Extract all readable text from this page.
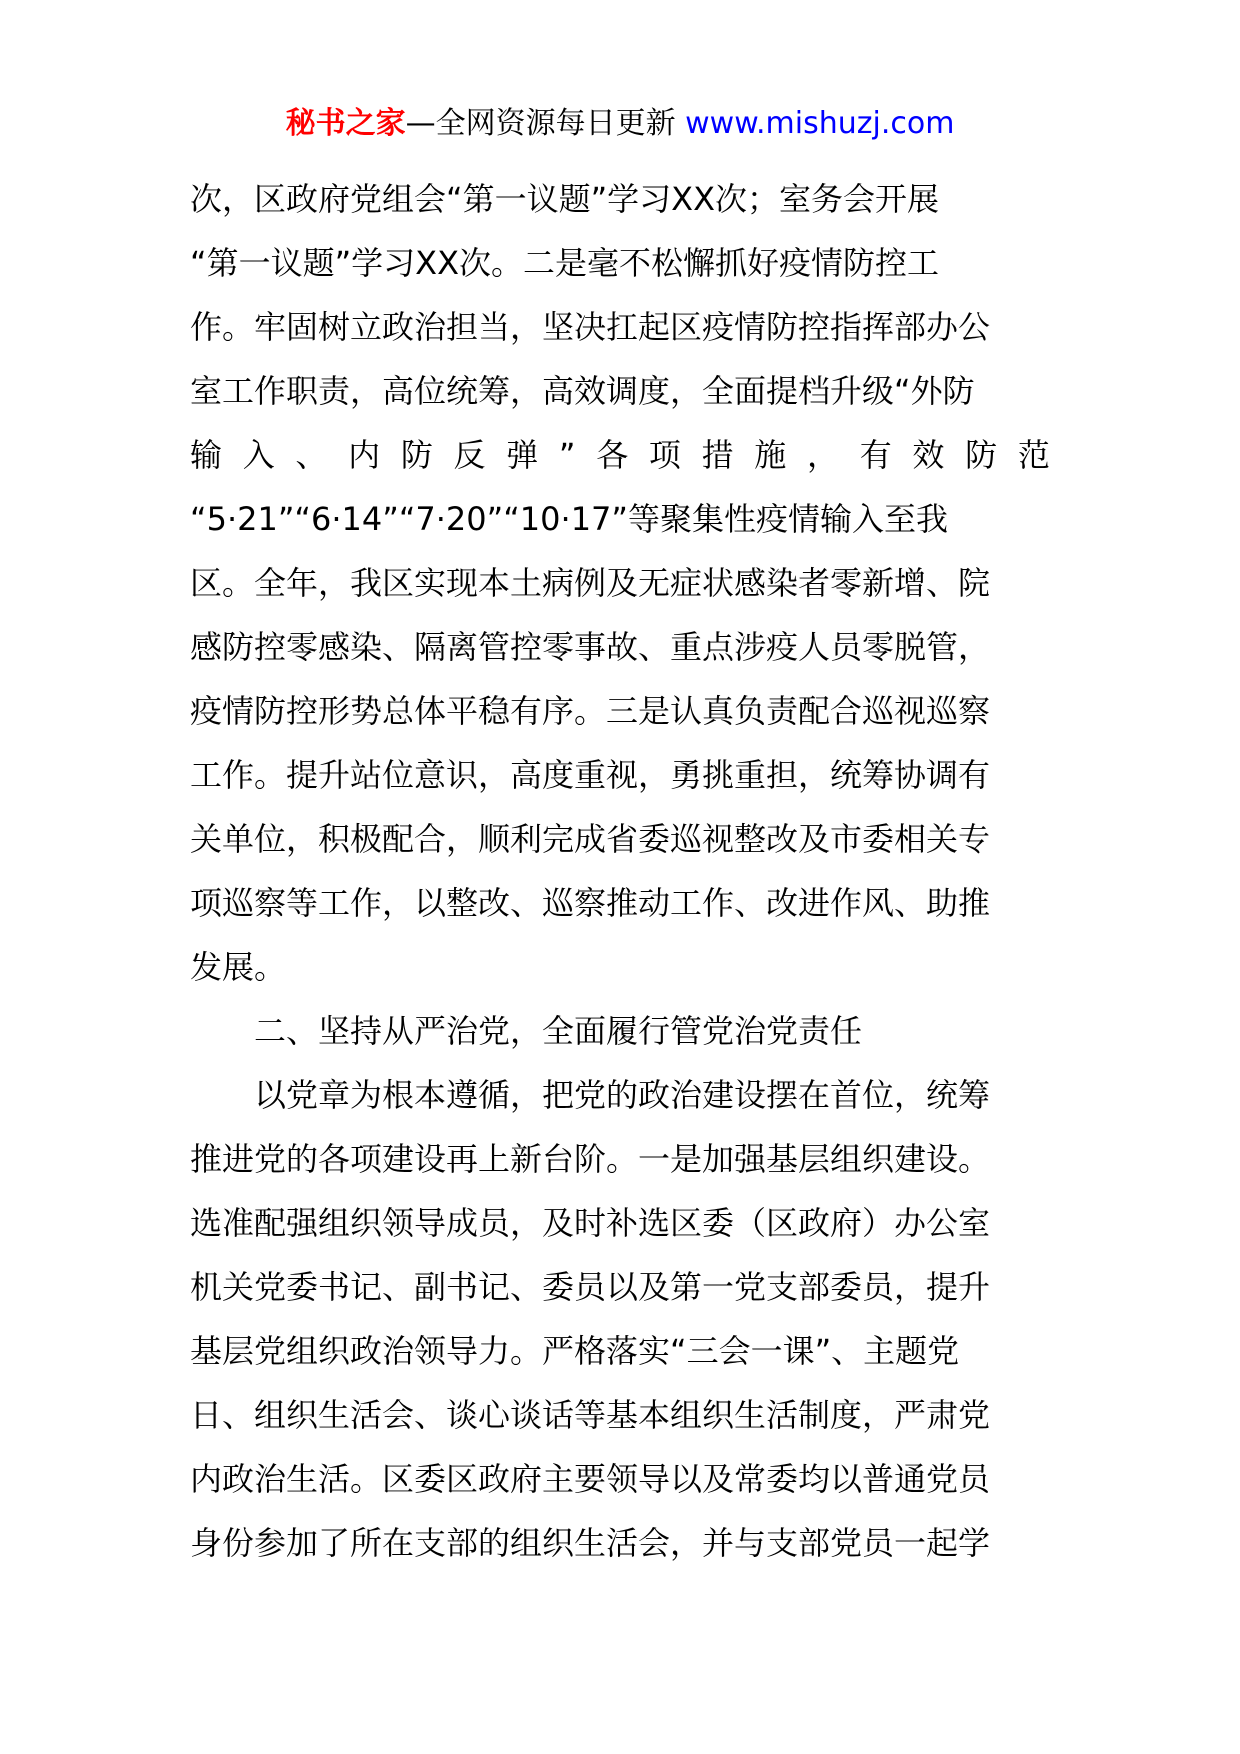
秘书之家—全网资源每日更新 www.mishuzj.com
次，区政府党组会“第一议题”学习XX次；室务会开展
“第一议题”学习XX次。二是毫不松懈抓好疫情防控工
作。牢固树立政治担当，坚决扛起区疫情防控指挥部办公
室工作职责，高位统筹，高效调度，全面提档升级“外防
输 入 、 内 防 反 弹 ” 各 项 措 施 ， 有 效 防 范
“5·21”“6·14”“7·20”“10·17”等聚集性疫情输入至我
区。全年，我区实现本土病例及无症状感染者零新增、院
感防控零感染、隔离管控零事故、重点涉疫人员零脱管，
疫情防控形势总体平稳有序。三是认真负责配合巡视巡察
工作。提升站位意识，高度重视，勇挑重担，统筹协调有
关单位，积极配合，顺利完成省委巡视整改及市委相关专
项巡察等工作，以整改、巡察推动工作、改进作风、助推
发展。
二、坚持从严治党，全面履行管党治党责任
以党章为根本遵循，把党的政治建设摆在首位，统筹
推进党的各项建设再上新台阶。一是加强基层组织建设。
选准配强组织领导成员，及时补选区委（区政府）办公室
机关党委书记、副书记、委员以及第一党支部委员，提升
基层党组织政治领导力。严格落实“三会一课”、主题党
日、组织生活会、谈心谈话等基本组织生活制度，严肃党
内政治生活。区委区政府主要领导以及常委均以普通党员
身份参加了所在支部的组织生活会，并与支部党员一起学
